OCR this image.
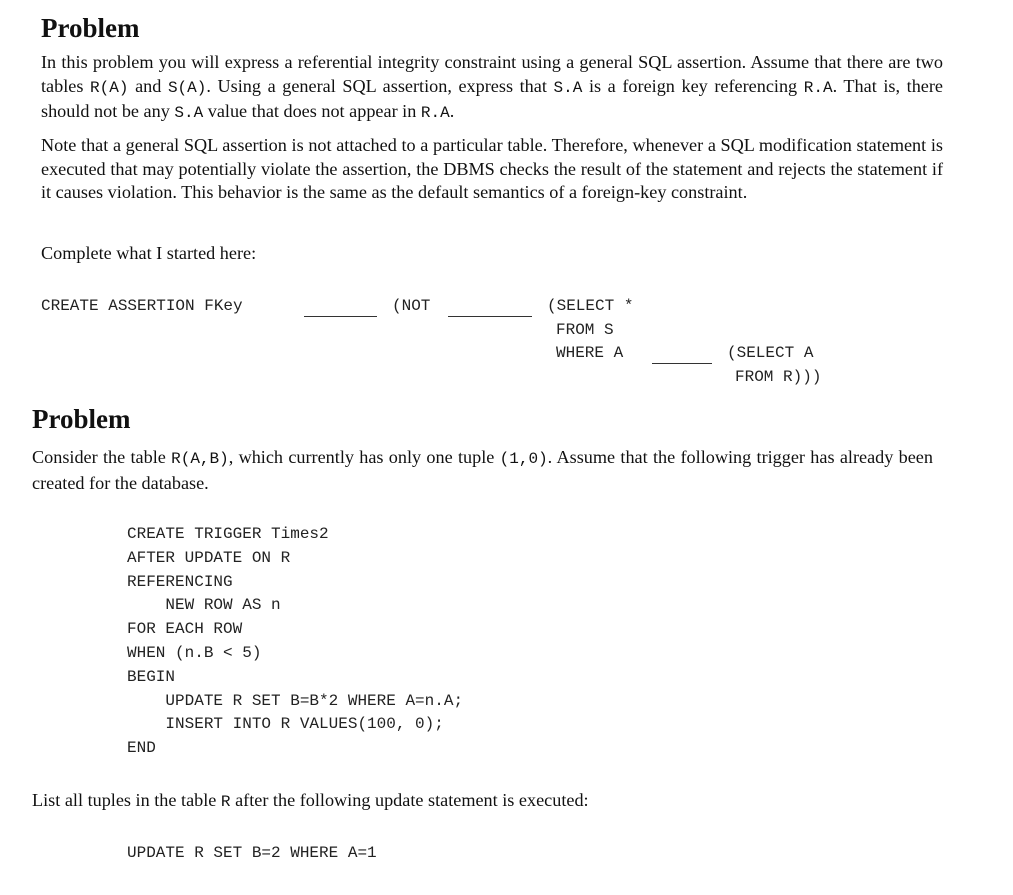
Problem

In this problem you will express a referential integrity constraint using a general SQL assertion. Assume that there are two tables R(A) and S(A). Using a general SQL assertion, express that S.A is a foreign key referencing R.A. That is, there should not be any S.A value that does not appear in R.A.

Note that a general SQL assertion is not attached to a particular table. Therefore, whenever a SQL modification statement is executed that may potentially violate the assertion, the DBMS checks the result of the statement and rejects the statement if it causes violation. This behavior is the same as the default semantics of a foreign-key constraint.

Complete what I started here:

CREATE ASSERTION FKey	(NOT	(SELECT *
FROM S
WHERE A	(SELECT A
FROM R)))
Problem

Consider the table R(A,B), which currently has only one tuple (1,0). Assume that the following trigger has already been created for the database.

CREATE TRIGGER Times2
AFTER UPDATE ON R
REFERENCING
NEW ROW AS n
FOR EACH ROW
WHEN (n.B < 5)
BEGIN
UPDATE R SET B=B*2 WHERE A=n.A;
INSERT INTO R VALUES(100, 0);
END

List all tuples in the table R after the following update statement is executed:

UPDATE R SET B=2 WHERE A=1
